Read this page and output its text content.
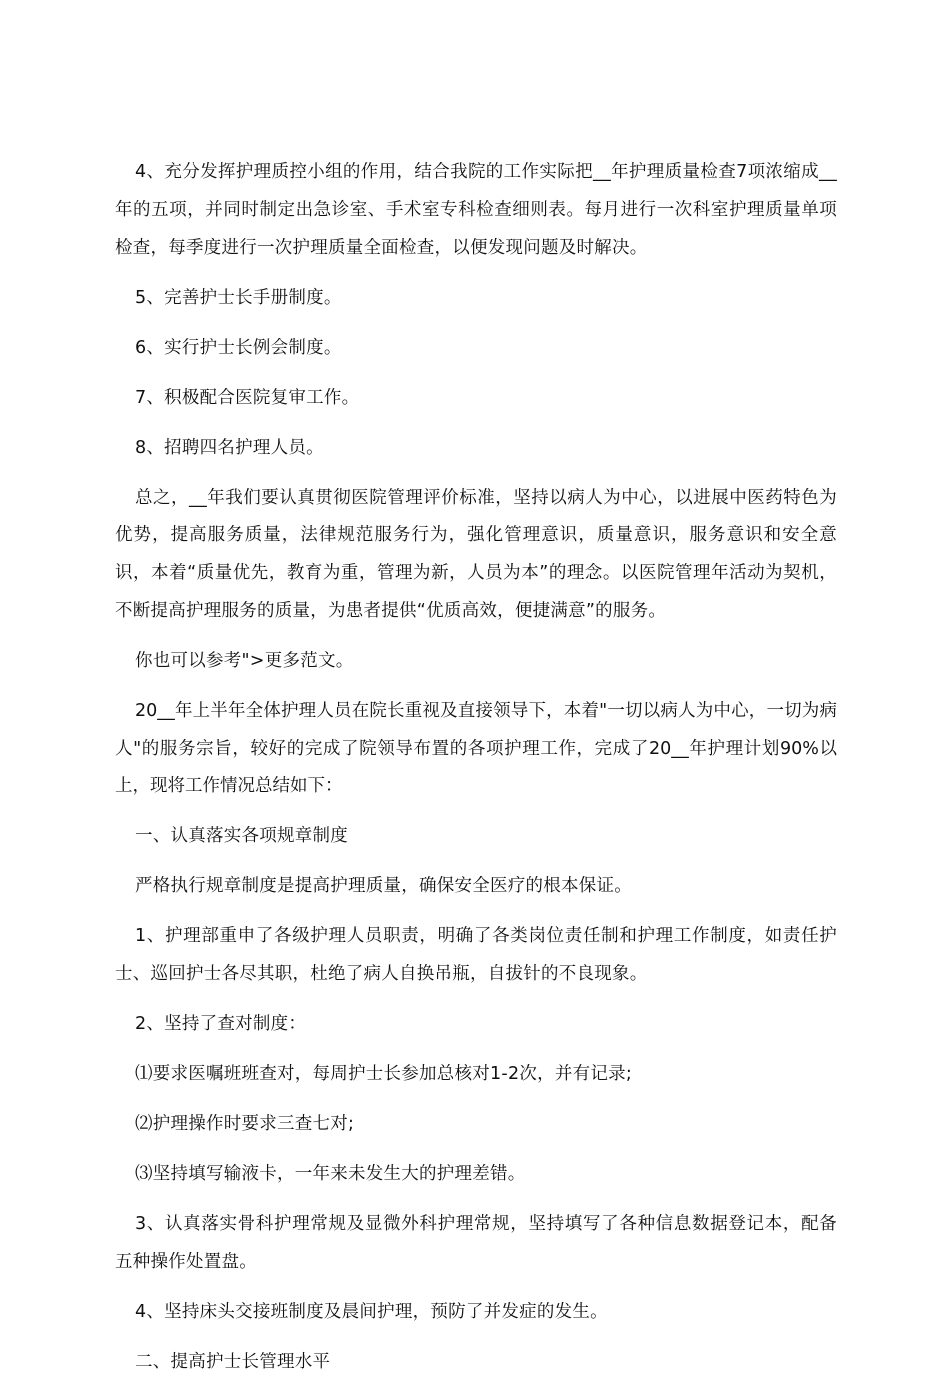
4、充分发挥护理质控小组的作用，结合我院的工作实际把__年护理质量检查7项浓缩成__年的五项，并同时制定出急诊室、手术室专科检查细则表。每月进行一次科室护理质量单项检查，每季度进行一次护理质量全面检查，以便发现问题及时解决。

5、完善护士长手册制度。

6、实行护士长例会制度。

7、积极配合医院复审工作。

8、招聘四名护理人员。

总之，__年我们要认真贯彻医院管理评价标准，坚持以病人为中心，以进展中医药特色为优势，提高服务质量，法律规范服务行为，强化管理意识，质量意识，服务意识和安全意识，本着“质量优先，教育为重，管理为新，人员为本”的理念。以医院管理年活动为契机，不断提高护理服务的质量，为患者提供“优质高效，便捷满意”的服务。

你也可以参考">更多范文。

20__年上半年全体护理人员在院长重视及直接领导下，本着"一切以病人为中心，一切为病人"的服务宗旨，较好的完成了院领导布置的各项护理工作，完成了20__年护理计划90%以上，现将工作情况总结如下：

一、认真落实各项规章制度

严格执行规章制度是提高护理质量，确保安全医疗的根本保证。

1、护理部重申了各级护理人员职责，明确了各类岗位责任制和护理工作制度，如责任护士、巡回护士各尽其职，杜绝了病人自换吊瓶，自拔针的不良现象。

2、坚持了查对制度：

⑴要求医嘱班班查对，每周护士长参加总核对1-2次，并有记录;

⑵护理操作时要求三查七对;

⑶坚持填写输液卡，一年来未发生大的护理差错。

3、认真落实骨科护理常规及显微外科护理常规，坚持填写了各种信息数据登记本，配备五种操作处置盘。

4、坚持床头交接班制度及晨间护理，预防了并发症的发生。

二、提高护士长管理水平
